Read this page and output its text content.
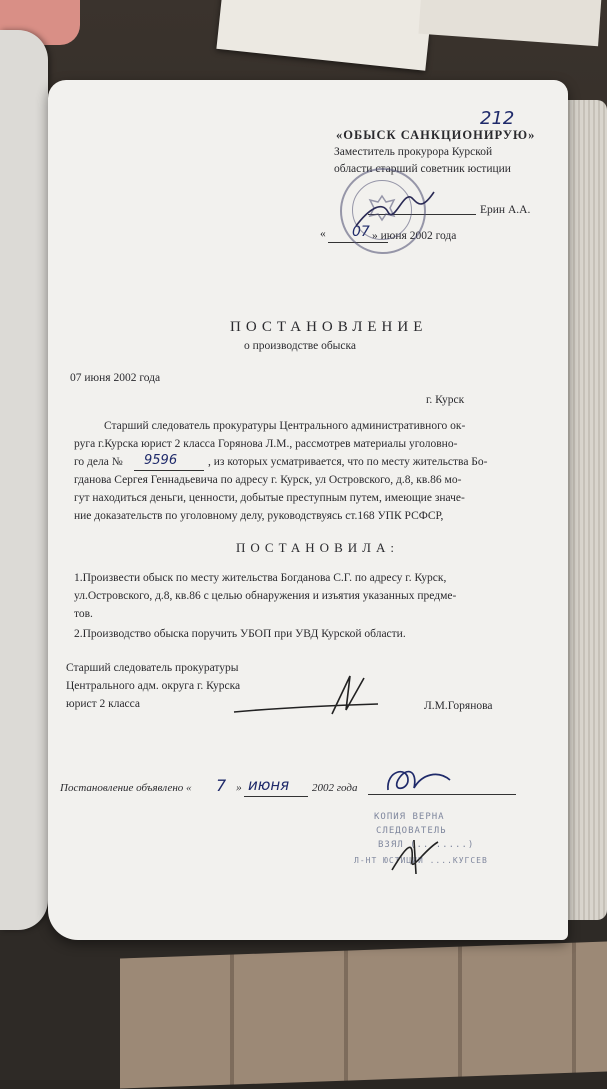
212
«ОБЫСК САНКЦИОНИРУЮ»
Заместитель прокурора Курской
области старший советник юстиции
Ерин А.А.
« 07 » июня 2002 года
ПОСТАНОВЛЕНИЕ
о производстве обыска
07 июня 2002 года
г. Курск
Старший следователь прокуратуры Центрального административного ок-
руга г.Курска юрист 2 класса Горянова Л.М., рассмотрев материалы уголовно-
го дела №	9596	, из которых усматривается, что по месту жительства Бо-
гданова Сергея Геннадьевича по адресу г. Курск, ул Островского, д.8, кв.86 мо-
гут находиться деньги, ценности, добытые преступным путем, имеющие значе-
ние доказательств по уголовному делу, руководствуясь ст.168 УПК РСФСР,
ПОСТАНОВИЛА:
1.Произвести обыск по месту жительства Богданова С.Г. по адресу г. Курск,
ул.Островского, д.8, кв.86 с целью обнаружения и изъятия указанных предме-
тов.
2.Производство обыска поручить УБОП при УВД Курской области.
Старший следователь прокуратуры
Центрального адм. округа г. Курска
юрист 2 класса	Л.М.Горянова
Постановление объявлено « 7 » июня 2002 года
КОПИЯ ВЕРНА
СЛЕДОВАТЕЛЬ
ВЗЯЛ (........)
Л-НТ ЮСТИЦИИ ....КУГСЕВ
